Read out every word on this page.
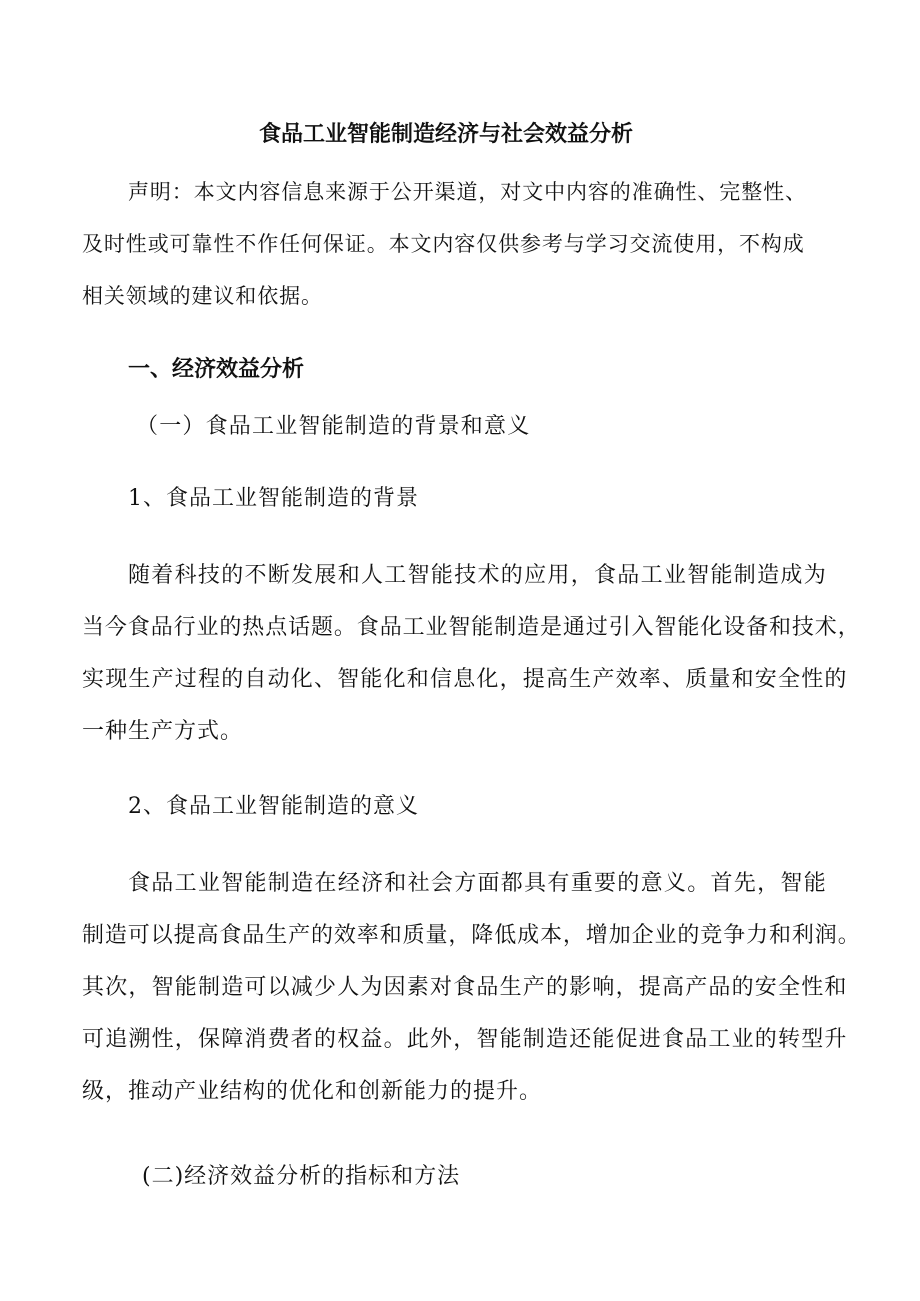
食品工业智能制造经济与社会效益分析
声明：本文内容信息来源于公开渠道，对文中内容的准确性、完整性、
及时性或可靠性不作任何保证。本文内容仅供参考与学习交流使用，不构成
相关领域的建议和依据。
一、经济效益分析
（一）食品工业智能制造的背景和意义
1、食品工业智能制造的背景
随着科技的不断发展和人工智能技术的应用，食品工业智能制造成为
当今食品行业的热点话题。食品工业智能制造是通过引入智能化设备和技术，
实现生产过程的自动化、智能化和信息化，提高生产效率、质量和安全性的
一种生产方式。
2、食品工业智能制造的意义
食品工业智能制造在经济和社会方面都具有重要的意义。首先，智能
制造可以提高食品生产的效率和质量，降低成本，增加企业的竞争力和利润。
其次，智能制造可以减少人为因素对食品生产的影响，提高产品的安全性和
可追溯性，保障消费者的权益。此外，智能制造还能促进食品工业的转型升
级，推动产业结构的优化和创新能力的提升。
(二)经济效益分析的指标和方法
